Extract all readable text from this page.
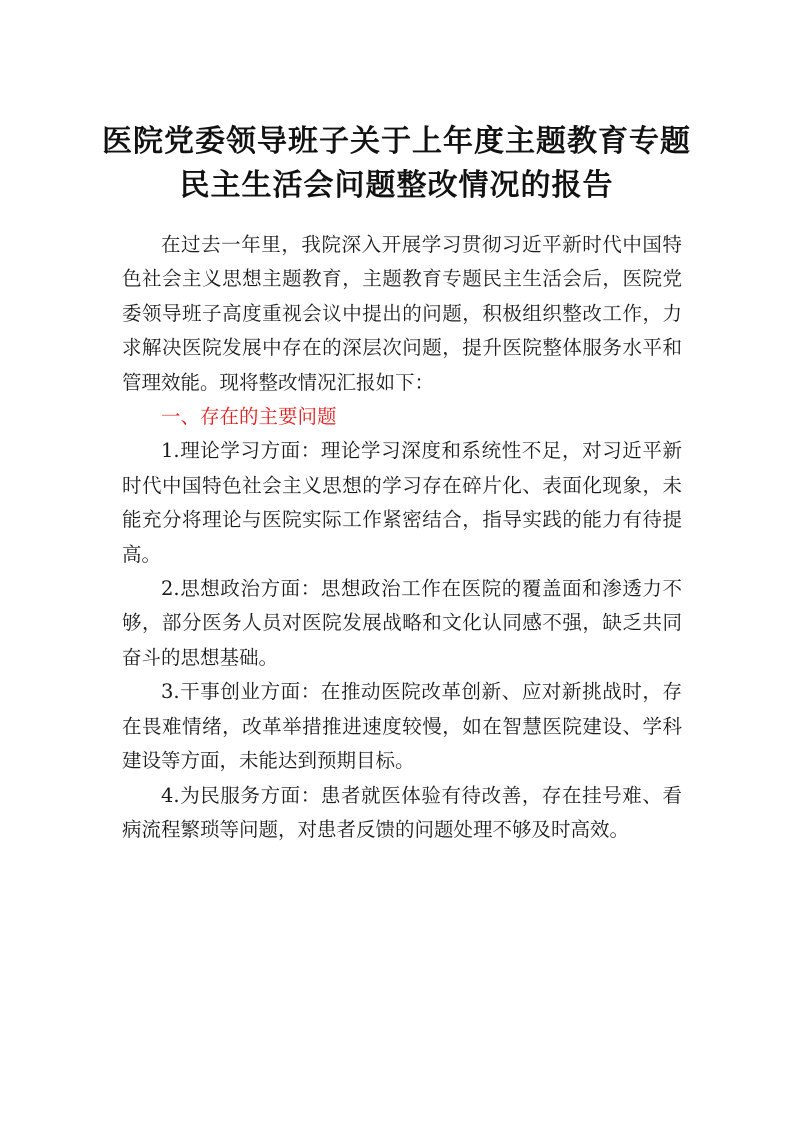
医院党委领导班子关于上年度主题教育专题
民主生活会问题整改情况的报告

在过去一年里，我院深入开展学习贯彻习近平新时代中国特色社会主义思想主题教育，主题教育专题民主生活会后，医院党委领导班子高度重视会议中提出的问题，积极组织整改工作，力求解决医院发展中存在的深层次问题，提升医院整体服务水平和管理效能。现将整改情况汇报如下：

一、存在的主要问题

1.理论学习方面：理论学习深度和系统性不足，对习近平新时代中国特色社会主义思想的学习存在碎片化、表面化现象，未能充分将理论与医院实际工作紧密结合，指导实践的能力有待提高。

2.思想政治方面：思想政治工作在医院的覆盖面和渗透力不够，部分医务人员对医院发展战略和文化认同感不强，缺乏共同奋斗的思想基础。

3.干事创业方面：在推动医院改革创新、应对新挑战时，存在畏难情绪，改革举措推进速度较慢，如在智慧医院建设、学科建设等方面，未能达到预期目标。

4.为民服务方面：患者就医体验有待改善，存在挂号难、看病流程繁琐等问题，对患者反馈的问题处理不够及时高效。
